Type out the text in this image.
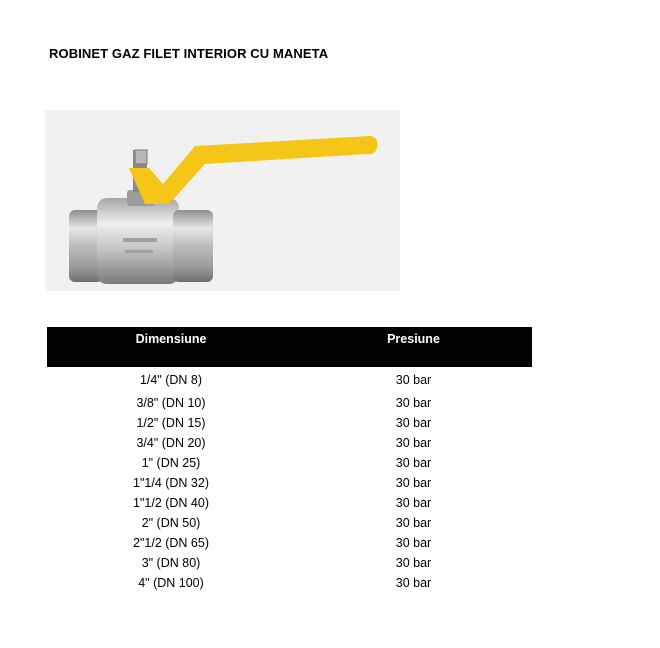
ROBINET GAZ FILET INTERIOR CU MANETA
Dimensiune	Presiune
1/4" (DN 8)	30 bar
3/8" (DN 10)	30 bar
1/2" (DN 15)	30 bar
3/4" (DN 20)	30 bar
1" (DN 25)	30 bar
1"1/4 (DN 32)	30 bar
1"1/2 (DN 40)	30 bar
2" (DN 50)	30 bar
2"1/2 (DN 65)	30 bar
3" (DN 80)	30 bar
4" (DN 100)	30 bar
